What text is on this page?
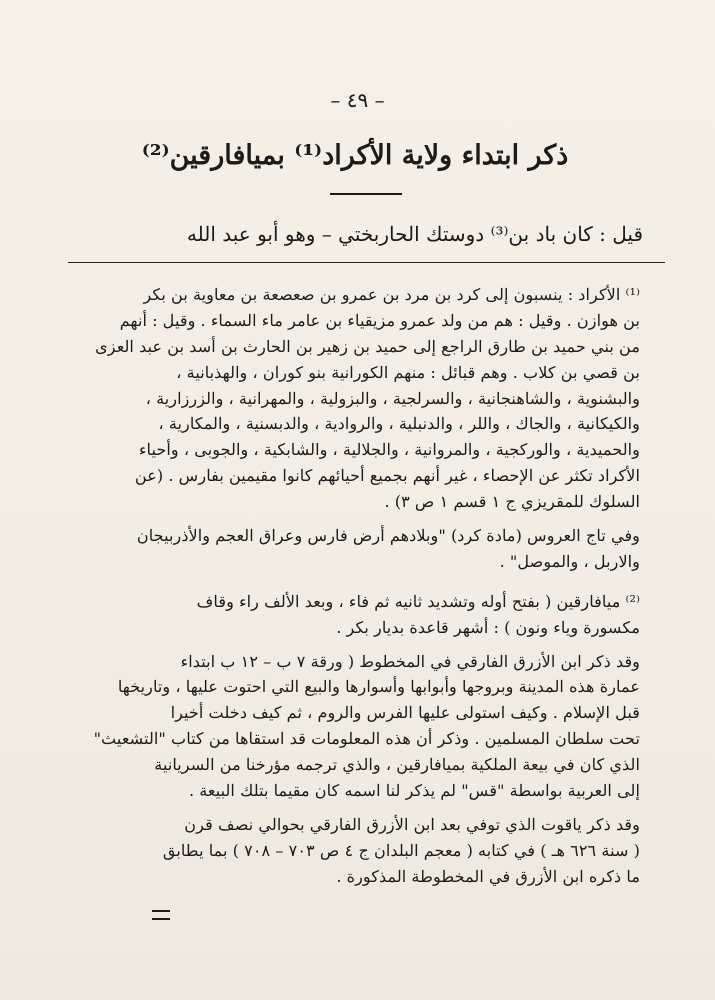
– ٤٩ –
ذكر ابتداء ولاية الأكراد⁽¹⁾ بميافارقين⁽²⁾
قيل : كان باد بن⁽³⁾ دوستك الحاربختي – وهو أبو عبد الله
⁽¹⁾ الأكراد : ينسبون إلى كرد بن مرد بن عمرو بن صعصعة بن معاوية بن بكر
بن هوازن . وقيل : هم من ولد عمرو مزيقياء بن عامر ماء السماء . وقيل : أنهم
من بني حميد بن طارق الراجع إلى حميد بن زهير بن الحارث بن أسد بن عبد العزى
بن قصي بن كلاب . وهم قبائل : منهم الكورانية بنو كوران ، والهذبانية ،
والبشنوية ، والشاهنجانية ، والسرلجية ، والبزولية ، والمهرانية ، والزرزارية ،
والكيكانية ، والجاك ، واللر ، والدنبلية ، والروادية ، والدبسنية ، والمكارية ،
والحميدية ، والوركجية ، والمروانية ، والجلالية ، والشابكية ، والجوبى ، وأحياء
الأكراد تكثر عن الإحصاء ، غير أنهم بجميع أحيائهم كانوا مقيمين بفارس . (عن
السلوك للمقريزي ج ١ قسم ١ ص ٣) .
وفي تاج العروس (مادة كرد) "وبلادهم أرض فارس وعراق العجم والأذربيجان
والاربل ، والموصل" .
⁽²⁾ ميافارقين ( بفتح أوله وتشديد ثانيه ثم فاء ، وبعد الألف راء وقاف
مكسورة وياء ونون ) : أشهر قاعدة بديار بكر .
وقد ذكر ابن الأزرق الفارقي في المخطوط ( ورقة ٧ ب – ١٢ ب ابتداء
عمارة هذه المدينة وبروجها وأبوابها وأسوارها والبيع التي احتوت عليها ، وتاريخها
قبل الإسلام . وكيف استولى عليها الفرس والروم ، ثم كيف دخلت أخيرا
تحت سلطان المسلمين . وذكر أن هذه المعلومات قد استقاها من كتاب "التشعيث"
الذي كان في بيعة الملكية بميافارقين ، والذي ترجمه مؤرخنا من السريانية
إلى العربية بواسطة "قس" لم يذكر لنا اسمه كان مقيما بتلك البيعة .
وقد ذكر ياقوت الذي توفي بعد ابن الأزرق الفارقي بحوالي نصف قرن
( سنة ٦٢٦ هـ ) في كتابه ( معجم البلدان ج ٤ ص ٧٠٣ – ٧٠٨ ) بما يطابق
ما ذكره ابن الأزرق في المخطوطة المذكورة .
